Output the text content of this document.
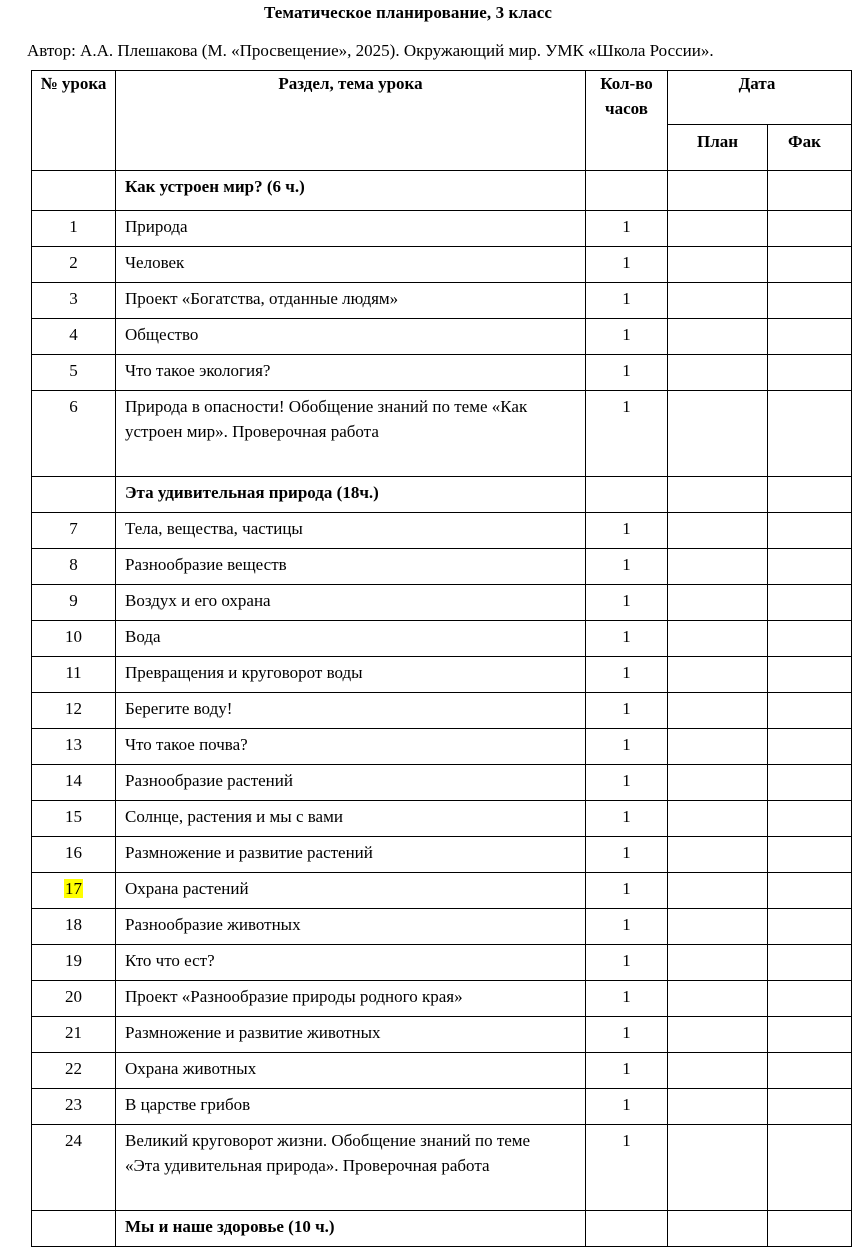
Тематическое планирование, 3 класс
Автор: А.А. Плешакова (М. «Просвещение», 2025). Окружающий мир. УМК «Школа России».
№ урока	Раздел, тема урока	Кол-во часов	Дата	
			План	Фак
	Как устроен мир? (6 ч.)			
1	Природа	1		
2	Человек	1		
3	Проект «Богатства, отданные людям»	1		
4	Общество	1		
5	Что такое экология?	1		
6	Природа в опасности! Обобщение знаний по теме «Как устроен мир». Проверочная работа	1		
	Эта удивительная природа (18ч.)			
7	Тела, вещества, частицы	1		
8	Разнообразие веществ	1		
9	Воздух и его охрана	1		
10	Вода	1		
11	Превращения и круговорот воды	1		
12	Берегите воду!	1		
13	Что такое почва?	1		
14	Разнообразие растений	1		
15	Солнце, растения и мы с вами	1		
16	Размножение и развитие растений	1		
17	Охрана растений	1		
18	Разнообразие животных	1		
19	Кто что ест?	1		
20	Проект «Разнообразие природы родного края»	1		
21	Размножение и развитие животных	1		
22	Охрана животных	1		
23	В царстве грибов	1		
24	Великий круговорот жизни. Обобщение знаний по теме «Эта удивительная природа». Проверочная работа	1		
	Мы и наше здоровье (10 ч.)			
